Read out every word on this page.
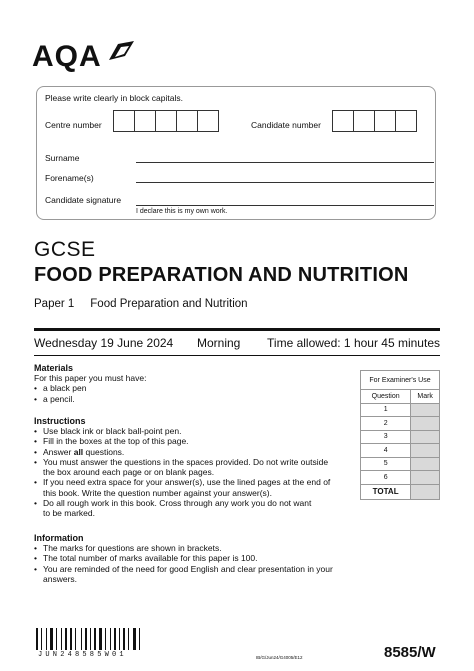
AQA
Please write clearly in block capitals.
Centre number	Candidate number
Surname
Forename(s)
Candidate signature
I declare this is my own work.
GCSE
FOOD PREPARATION AND NUTRITION
Paper 1 Food Preparation and Nutrition
Wednesday 19 June 2024 Morning Time allowed: 1 hour 45 minutes
Materials
For this paper you must have:
• a black pen
• a pencil.
Instructions
• Use black ink or black ball-point pen.
• Fill in the boxes at the top of this page.
• Answer all questions.
• You must answer the questions in the spaces provided. Do not write outside
the box around each page or on blank pages.
• If you need extra space for your answer(s), use the lined pages at the end of
this book. Write the question number against your answer(s).
• Do all rough work in this book. Cross through any work you do not want
to be marked.
Information
• The marks for questions are shown in brackets.
• The total number of marks available for this paper is 100.
• You are reminded of the need for good English and clear presentation in your
answers.
For Examiner's Use	
Question	Mark
1	
2	
3	
4	
5	
6	
TOTAL	
JUN248585W01	IB/G/Jun24/G4005/E12	8585/W
